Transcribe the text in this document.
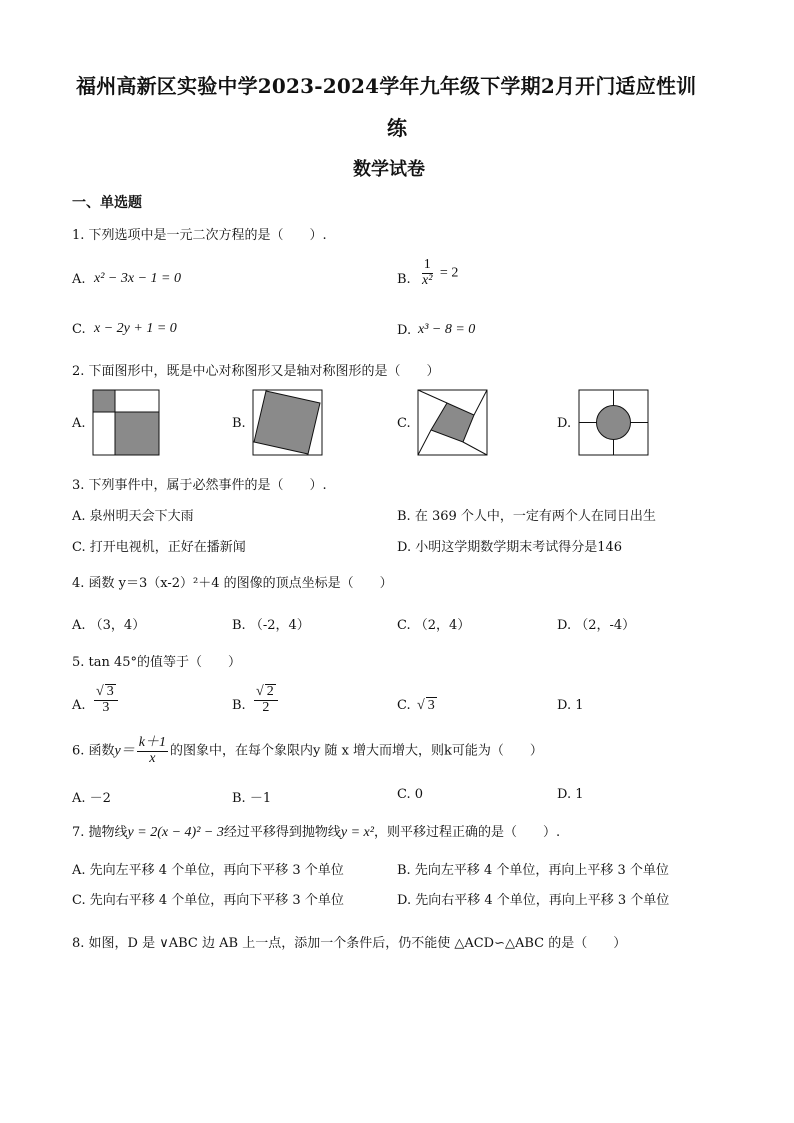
福州高新区实验中学2023-2024学年九年级下学期2月开门适应性训
练
数学试卷
一、单选题
1. 下列选项中是一元二次方程的是（　　）.
A. x² − 3x − 1 = 0	B. $\frac{1}{\text{x²}} = 2$
C. x − 2y + 1 = 0	D. x³ − 8 = 0
2. 下面图形中，既是中心对称图形又是轴对称图形的是（　　）
A.	B.	C.	D.
3. 下列事件中，属于必然事件的是（　　）.
A. 泉州明天会下大雨	B. 在 369 个人中，一定有两个人在同日出生
C. 打开电视机，正好在播新闻	D. 小明这学期数学期末考试得分是146
4. 函数 y＝3（x-2）²＋4 的图像的顶点坐标是（　　）
A. （3，4）	B. （-2，4）	C. （2，4）	D. （2，-4）
5. tan 45°的值等于（　　）
A. $\frac{√ 3}{3}$	B. $\frac{√ 2}{2}$	C. √ 3	D. 1
6. 函数$y= \frac{k+1}{x}$ 的图象中，在每个象限内y 随 x 增大而增大，则k可能为（　　）
A. －2	B. －1	C. 0	D. 1
7. 抛物线y = 2(x − 4)² − 3经过平移得到抛物线y = x²，则平移过程正确的是（　　）.
A. 先向左平移 4 个单位，再向下平移 3 个单位	B. 先向左平移 4 个单位，再向上平移 3 个单位
C. 先向右平移 4 个单位，再向下平移 3 个单位	D. 先向右平移 4 个单位，再向上平移 3 个单位
8. 如图，D 是 ∨ABC 边 AB 上一点，添加一个条件后，仍不能使 △ACD∽△ABC 的是（　　）
